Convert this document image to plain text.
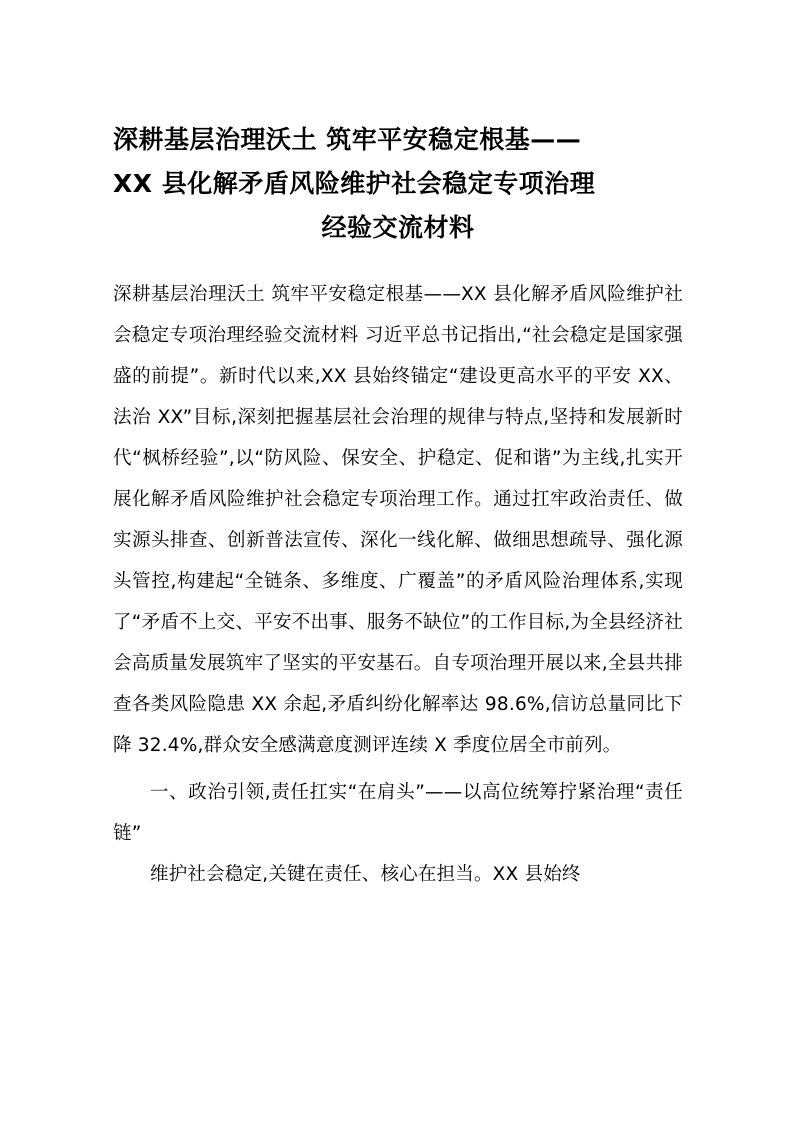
深耕基层治理沃土 筑牢平安稳定根基——
XX 县化解矛盾风险维护社会稳定专项治理
经验交流材料

深耕基层治理沃土 筑牢平安稳定根基——XX 县化解矛盾风险维护社会稳定专项治理经验交流材料 习近平总书记指出,“社会稳定是国家强盛的前提”。新时代以来,XX 县始终锚定“建设更高水平的平安 XX、法治 XX”目标,深刻把握基层社会治理的规律与特点,坚持和发展新时代“枫桥经验”,以“防风险、保安全、护稳定、促和谐”为主线,扎实开展化解矛盾风险维护社会稳定专项治理工作。通过扛牢政治责任、做实源头排查、创新普法宣传、深化一线化解、做细思想疏导、强化源头管控,构建起“全链条、多维度、广覆盖”的矛盾风险治理体系,实现了“矛盾不上交、平安不出事、服务不缺位”的工作目标,为全县经济社会高质量发展筑牢了坚实的平安基石。自专项治理开展以来,全县共排查各类风险隐患 XX 余起,矛盾纠纷化解率达 98.6%,信访总量同比下降 32.4%,群众安全感满意度测评连续 X 季度位居全市前列。

一、政治引领,责任扛实“在肩头”——以高位统筹拧紧治理“责任链”

维护社会稳定,关键在责任、核心在担当。XX 县始终
